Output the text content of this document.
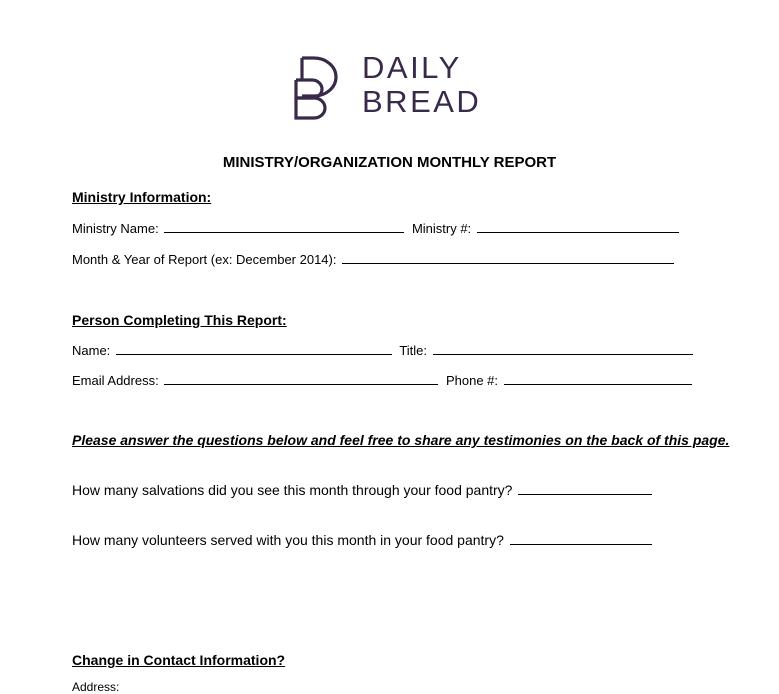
DAILY
BREAD
MINISTRY/ORGANIZATION MONTHLY REPORT
Ministry Information:
Ministry Name:	Ministry #:
Month & Year of Report (ex: December 2014):
Person Completing This Report:
Name:	Title:
Email Address:	Phone #:
Please answer the questions below and feel free to share any testimonies on the back of this page.
How many salvations did you see this month through your food pantry?
How many volunteers served with you this month in your food pantry?
Change in Contact Information?
Address:
